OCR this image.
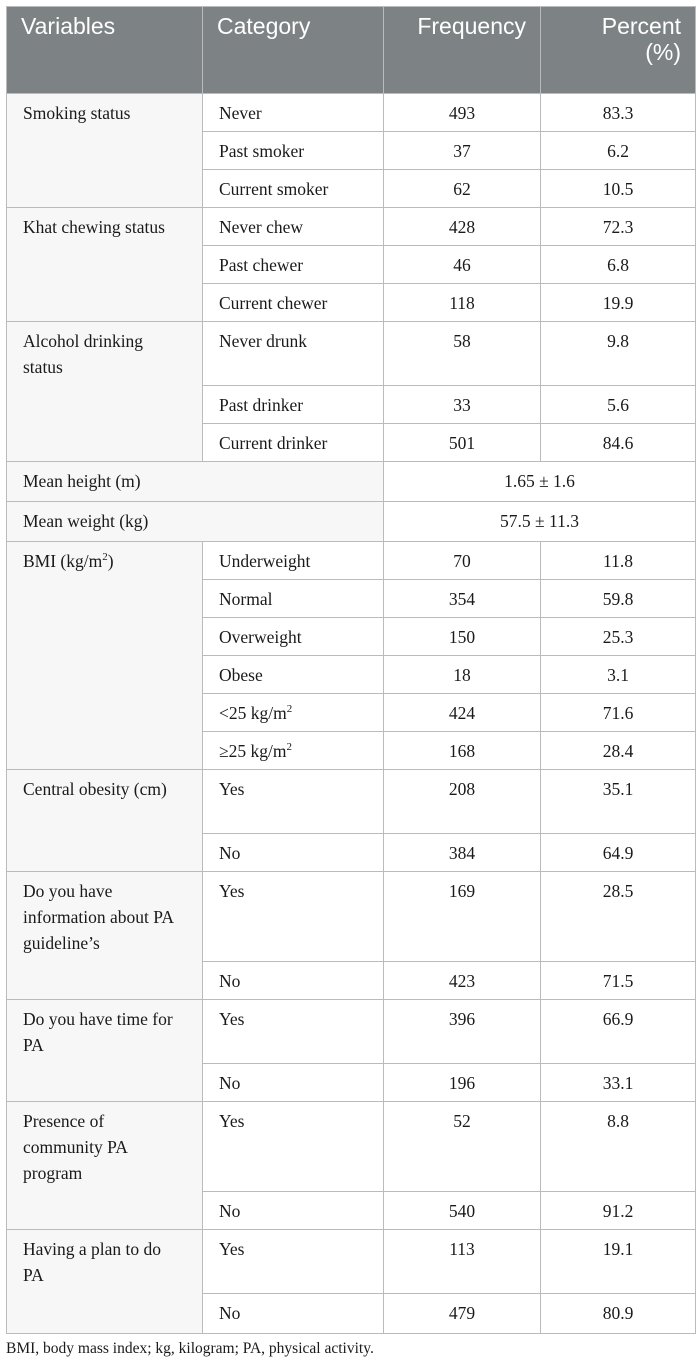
Variables	Category	Frequency	Percent
(%)
Smoking status	Never	493	83.3
	Past smoker	37	6.2
	Current smoker	62	10.5
Khat chewing status	Never chew	428	72.3
	Past chewer	46	6.8
	Current chewer	118	19.9
Alcohol drinking status	Never drunk	58	9.8
	Past drinker	33	5.6
	Current drinker	501	84.6
Mean height (m)		1.65 ± 1.6	
Mean weight (kg)		57.5 ± 11.3	
BMI $(kg/m^2)$	Underweight	70	11.8
	Normal	354	59.8
	Overweight	150	25.3
	Obese	18	3.1
	<25 $kg/m^2$	424	71.6
	≥25 $kg/m^2$	168	28.4
Central obesity (cm)	Yes	208	35.1
	No	384	64.9
Do you have information about PA guideline’s	Yes	169	28.5
	No	423	71.5
Do you have time for PA	Yes	396	66.9
	No	196	33.1
Presence of community PA program	Yes	52	8.8
	No	540	91.2
Having a plan to do PA	Yes	113	19.1
	No	479	80.9
BMI, body mass index; kg, kilogram; PA, physical activity.
